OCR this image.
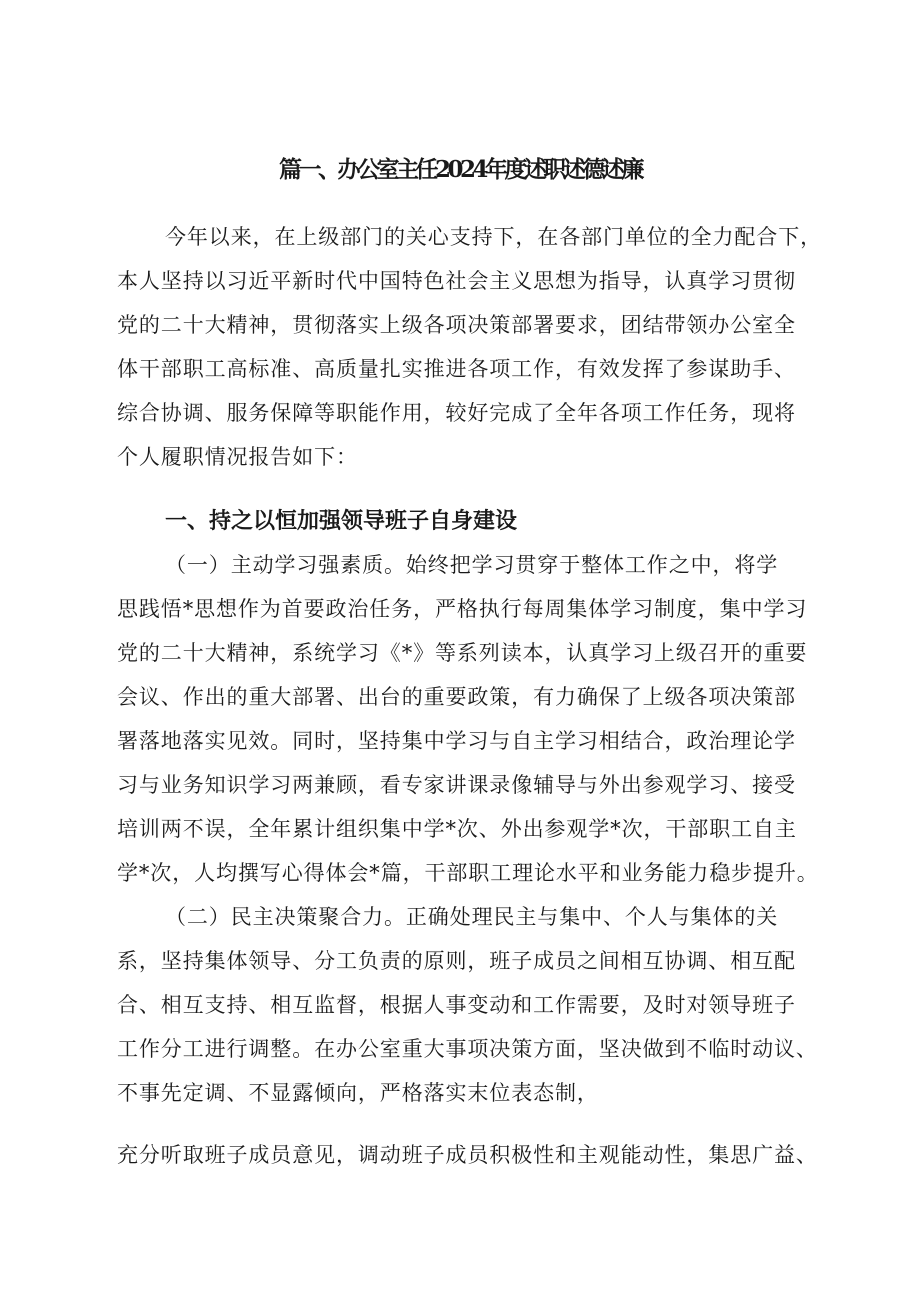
篇一、办公室主任2024年度述职述德述廉
今年以来，在上级部门的关心支持下，在各部门单位的全力配合下，
本人坚持以习近平新时代中国特色社会主义思想为指导，认真学习贯彻
党的二十大精神，贯彻落实上级各项决策部署要求，团结带领办公室全
体干部职工高标准、高质量扎实推进各项工作，有效发挥了参谋助手、
综合协调、服务保障等职能作用，较好完成了全年各项工作任务，现将
个人履职情况报告如下：
一、持之以恒加强领导班子自身建设
（一）主动学习强素质。始终把学习贯穿于整体工作之中，将学
思践悟*思想作为首要政治任务，严格执行每周集体学习制度，集中学习
党的二十大精神，系统学习《*》等系列读本，认真学习上级召开的重要
会议、作出的重大部署、出台的重要政策，有力确保了上级各项决策部
署落地落实见效。同时，坚持集中学习与自主学习相结合，政治理论学
习与业务知识学习两兼顾，看专家讲课录像辅导与外出参观学习、接受
培训两不误，全年累计组织集中学*次、外出参观学*次，干部职工自主
学*次，人均撰写心得体会*篇，干部职工理论水平和业务能力稳步提升。
（二）民主决策聚合力。正确处理民主与集中、个人与集体的关
系，坚持集体领导、分工负责的原则，班子成员之间相互协调、相互配
合、相互支持、相互监督，根据人事变动和工作需要，及时对领导班子
工作分工进行调整。在办公室重大事项决策方面，坚决做到不临时动议、
不事先定调、不显露倾向，严格落实末位表态制，
充分听取班子成员意见，调动班子成员积极性和主观能动性，集思广益、
